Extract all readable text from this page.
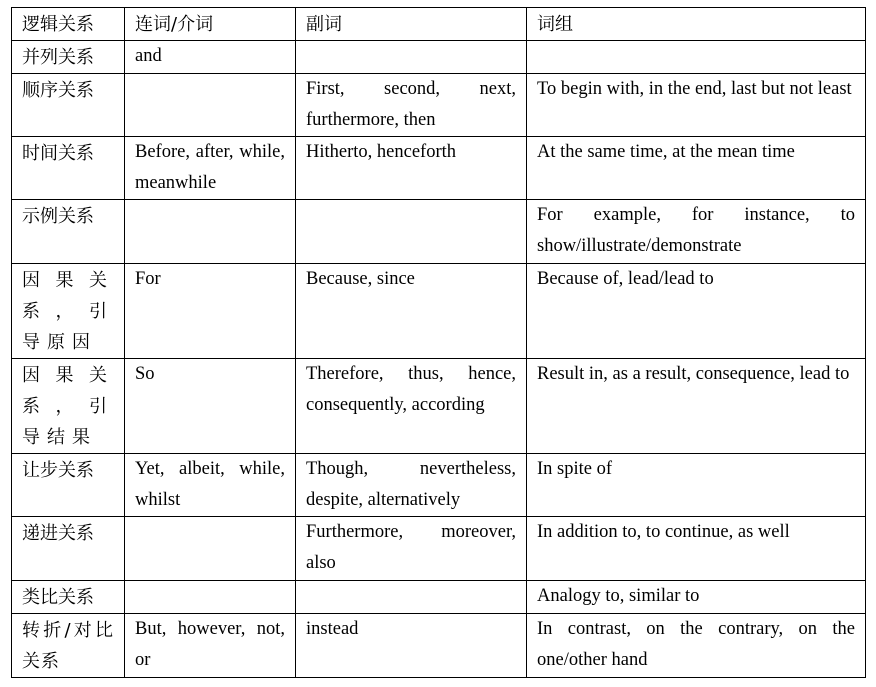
逻辑关系	连词/介词	副词	词组
并列关系	and		
顺序关系		First, second, next, furthermore, then	To begin with, in the end, last but not least
时间关系	Before, after, while, meanwhile	Hitherto, henceforth	At the same time, at the mean time
示例关系			For example, for instance, to show/illustrate/demonstrate
因果关系，引导原因	For	Because, since	Because of, lead/lead to
因果关系，引导结果	So	Therefore, thus, hence, consequently, according	Result in, as a result, consequence, lead to
让步关系	Yet, albeit, while, whilst	Though, nevertheless, despite, alternatively	In spite of
递进关系		Furthermore, moreover, also	In addition to, to continue, as well
类比关系			Analogy to, similar to
转折/对比关系	But, however, not, or	instead	In contrast, on the contrary, on the one/other hand
